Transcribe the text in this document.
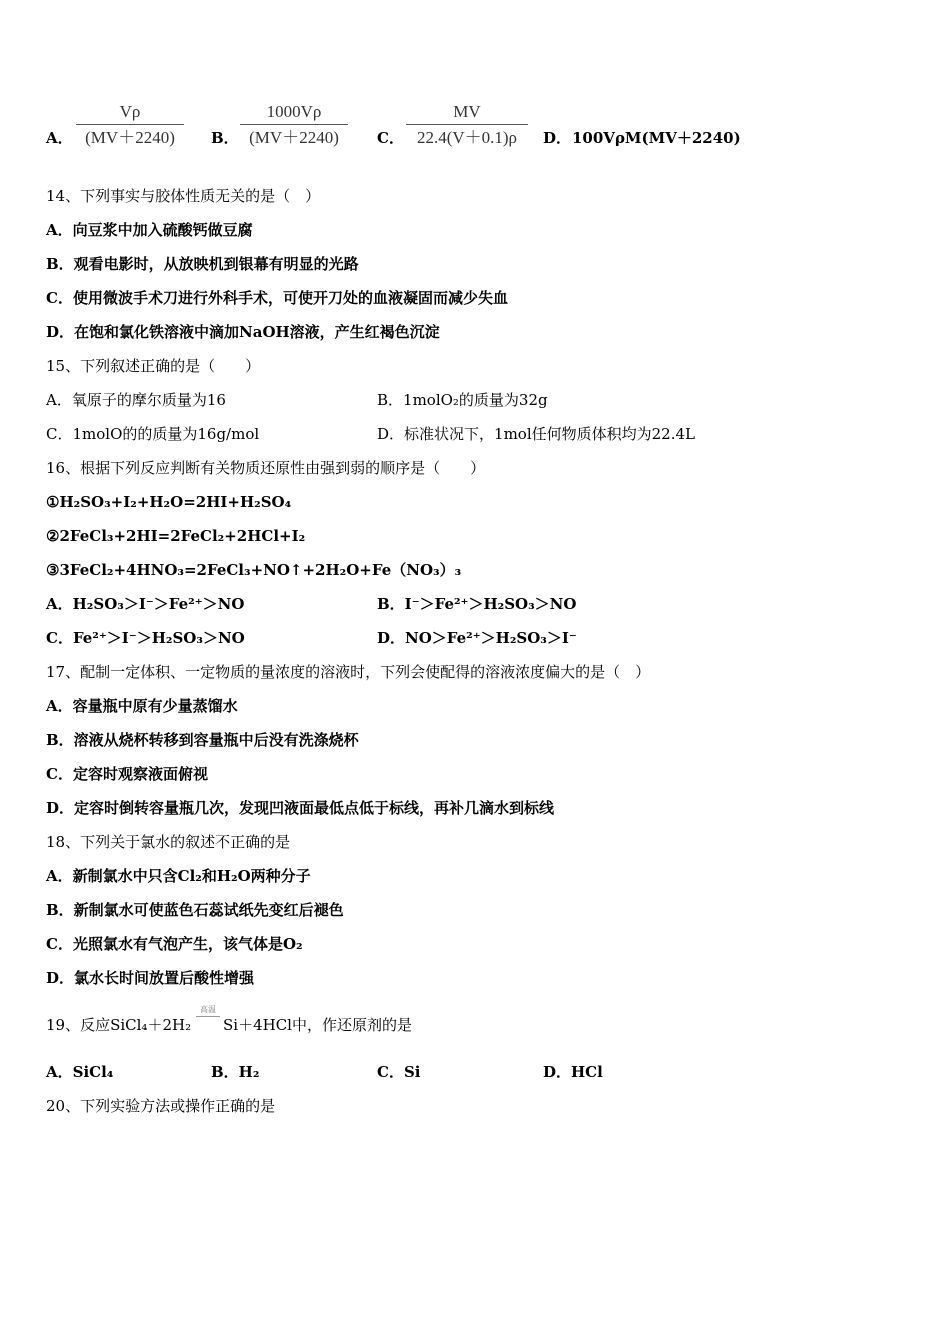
A．
Vρ
(MV＋2240)	B．
1000Vρ
(MV＋2240)	C．
MV
22.4(V＋0.1)ρ	D． 100VρM(MV＋2240)
14、下列事实与胶体性质无关的是（　）
A．向豆浆中加入硫酸钙做豆腐
B．观看电影时，从放映机到银幕有明显的光路
C．使用微波手术刀进行外科手术，可使开刀处的血液凝固而减少失血
D．在饱和氯化铁溶液中滴加NaOH溶液，产生红褐色沉淀
15、下列叙述正确的是（　　）
A．氧原子的摩尔质量为16	B．1molO₂的质量为32g
C．1molO的的质量为16g/mol	D．标准状况下，1mol任何物质体积均为22.4L
16、根据下列反应判断有关物质还原性由强到弱的顺序是（　　）
①H₂SO₃+I₂+H₂O=2HI+H₂SO₄
②2FeCl₃+2HI=2FeCl₂+2HCl+I₂
③3FeCl₂+4HNO₃=2FeCl₃+NO↑+2H₂O+Fe（NO₃）₃
A．H₂SO₃＞I⁻＞Fe²⁺＞NO	B．I⁻＞Fe²⁺＞H₂SO₃＞NO
C．Fe²⁺＞I⁻＞H₂SO₃＞NO	D．NO＞Fe²⁺＞H₂SO₃＞I⁻
17、配制一定体积、一定物质的量浓度的溶液时，下列会使配得的溶液浓度偏大的是（　）
A．容量瓶中原有少量蒸馏水
B．溶液从烧杯转移到容量瓶中后没有洗涤烧杯
C．定容时观察液面俯视
D．定容时倒转容量瓶几次，发现凹液面最低点低于标线，再补几滴水到标线
18、下列关于氯水的叙述不正确的是
A．新制氯水中只含Cl₂和H₂O两种分子
B．新制氯水可使蓝色石蕊试纸先变红后褪色
C．光照氯水有气泡产生，该气体是O₂
D．氯水长时间放置后酸性增强
19、反应SiCl₄＋2H₂
高温
Si＋4HCl中，作还原剂的是
A．SiCl₄	B．H₂	C．Si	D．HCl
20、下列实验方法或操作正确的是
